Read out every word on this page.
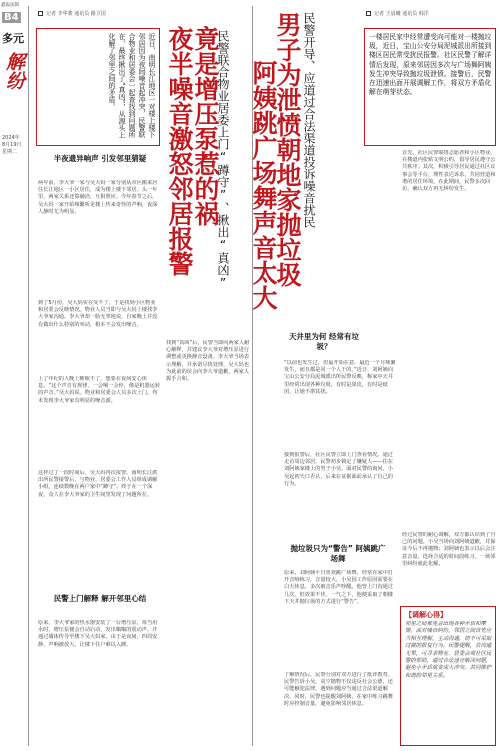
鑫报法制
B4
多元
解纷
2024年
8月19日
星期二
记者 李华骏 通讯员 路卫国
近日，南明长江地区一对楼上楼下邻居因为夜间噪音起冲突，民警联合物业和居委会一起查找到问题所在，最终揪出了“真凶”，从源头上化解了邻里之间的矛盾。	民警联合物业居委上门“蹲守”、揪出“真凶”
竟是增压泵惹的祸
夜半噪音激怒邻居报警
半夜遗异响声 引发邻里猜疑
两年前，李大爷一家与吴大妈一家分别从市区搬来居住长江地区一小区居住，成为楼上楼下邻居。头一年里，两家关系还算融洽，互相照应。今年春节之后，吴大妈一家开始频繁听见楼上传来奇怪的声响，夜深人静时尤为明显。
到了5月份，吴大妈实在受不了，于是找到小区物业和居委会反映情况。物业人员当即与吴大妈上楼找李大爷家沟通。李大爷却一脸无辜地说，自家晚上并没有做出什么特别的举动，根本不会发出噪音。
上了年纪的人晚上睡眠不了，想要在夜间安心休息。“这个声音有规律，一会响一会停，像是机器运转的声音。”吴大妈说。物业和居委会人员多次上门，均未发现李大爷家有明显的噪音源。
这样过了一段时间后，吴大妈再次报警。南明长江派出所民警接警后，与物业、居委会工作人员组成调解小组，连续数晚在两户家中“蹲守”。终于在一个深夜，众人在李大爷家的卫生间里发现了问题所在。
民警上门解释 解开邻里心结
原来，李大爷家的热水器安装了一台增压泵，每当用水时，增压泵便会自动启动，发出嗡嗡的震动声，并通过墙体传导至楼下吴大妈家。由于是夜间，四周安静，声响被放大，让楼下住户难以入睡。
找到“真凶”后，民警当即向两家人耐心解释，并建议李大爷对增压泵进行调整或更换静音设备。李大爷当场表示理解，并承诺尽快处理。吴大妈也为此前的误会向李大爷道歉，两家人握手言和。
男子为泄愤朝地家抛垃圾
阿姨跳广场舞声音太大 民警开导、应道过合法渠道投诉噪音扰民	记者 王晨曦 通讯员 韩洋
一楼居民家中经常遭受向可能对一楼抛垃圾，近日，宝山公安分局泥城派出所接到楼区居民常受扰民报警。社区民警了解详情后发现，原来邻居因多次与广场舞阿姨发生冲突导致抛垃圾泄愤。接警后，民警在迅速出面开展调解工作，将双方矛盾化解在萌芽状态。
首先，社区民警联络志愿者和小区物业，在楼道内张贴文明公约，倡导居民遵守公共秩序。其次，积极引导居民通过社区议事会等平台，理性表达诉求，共同营造和谐的居住环境。在此期间，民警多次回访，确认双方再无纠纷发生。
天井里为何 经常有垃圾？
“以前也发生过，但最开始在意，最近一个月频繁发生，而且都是同一个人干的。”近日，刘阿姨向宝山公安分局泥城派出所民警反映，称家中天井里经常出现各种垃圾，有时是果皮，有时是纸团，让她不堪其扰。
接到报警后，社区民警立即上门查看情况。通过走访周边邻居，民警初步锁定了嫌疑人——住在刘阿姨家楼上的男子小吴。面对民警的询问，小吴起初矢口否认，后来在证据面前承认了自己的行为。
抛垃圾只为“警告” 阿姨跳广场舞
原来，刘阿姨平日喜欢跳广场舞，经常在家中打开音响练习，音量较大。小吴因工作原因需要在白天休息，多次被音乐声吵醒。他曾上门沟通过几次，但效果不佳。一气之下，他便采取了朝楼下天井抛垃圾的方式进行“警告”。
了解情况后，民警分别对双方进行了批评教育。民警告诉小吴，高空抛物不仅违反社会公德，还可能触犯法律，遇到问题应当通过合法渠道解决。同时，民警也提醒刘阿姨，在家中练习跳舞时应控制音量，避免影响邻居休息。
经过民警的耐心调解，双方都认识到了自己的问题。小吴当场向刘阿姨道歉，并保证今后不再抛物；刘阿姨也表示以后会注意音量，选择合适的时间段练习。一场邻里纠纷就此化解。
【调解心得】
邻里之间难免会出现各种矛盾和摩擦，面对噪音纠纷，邻居之间首先应当相互理解，主动沟通，切不可采取过激的报复行为。民警提醒，若沟通无果，可寻求物业、居委会或社区民警的帮助，通过合法途径解决问题，避免小矛盾演变成大冲突，共同维护和谐的邻里关系。
